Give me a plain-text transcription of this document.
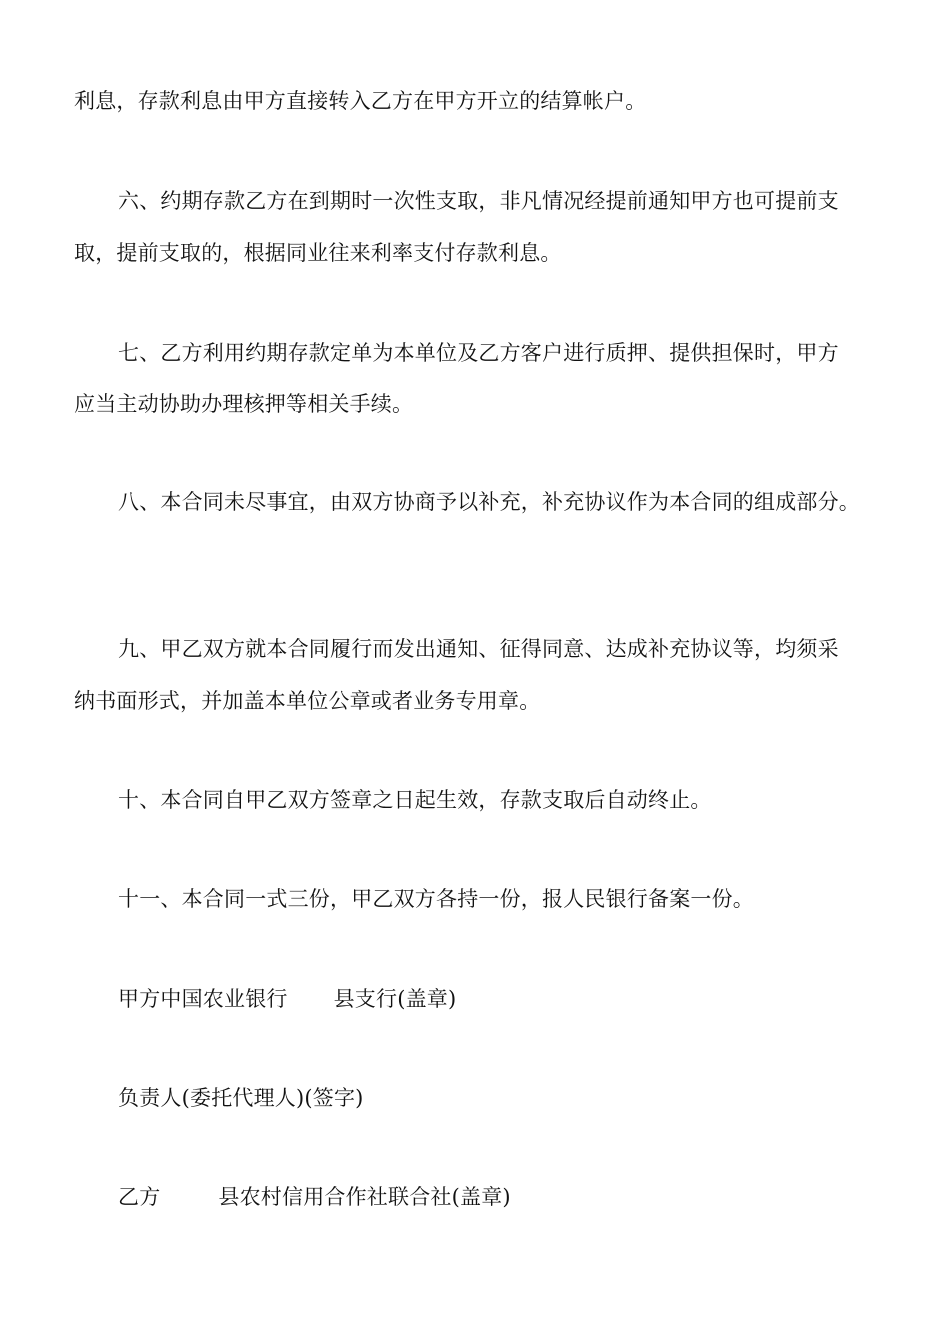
利息，存款利息由甲方直接转入乙方在甲方开立的结算帐户。
六、约期存款乙方在到期时一次性支取，非凡情况经提前通知甲方也可提前支
取，提前支取的，根据同业往来利率支付存款利息。
七、乙方利用约期存款定单为本单位及乙方客户进行质押、提供担保时，甲方
应当主动协助办理核押等相关手续。
八、本合同未尽事宜，由双方协商予以补充，补充协议作为本合同的组成部分。
九、甲乙双方就本合同履行而发出通知、征得同意、达成补充协议等，均须采
纳书面形式，并加盖本单位公章或者业务专用章。
十、本合同自甲乙双方签章之日起生效，存款支取后自动终止。
十一、本合同一式三份，甲乙双方各持一份，报人民银行备案一份。
甲方中国农业银行 县支行(盖章)
负责人(委托代理人)(签字)
乙方	县农村信用合作社联合社(盖章)
